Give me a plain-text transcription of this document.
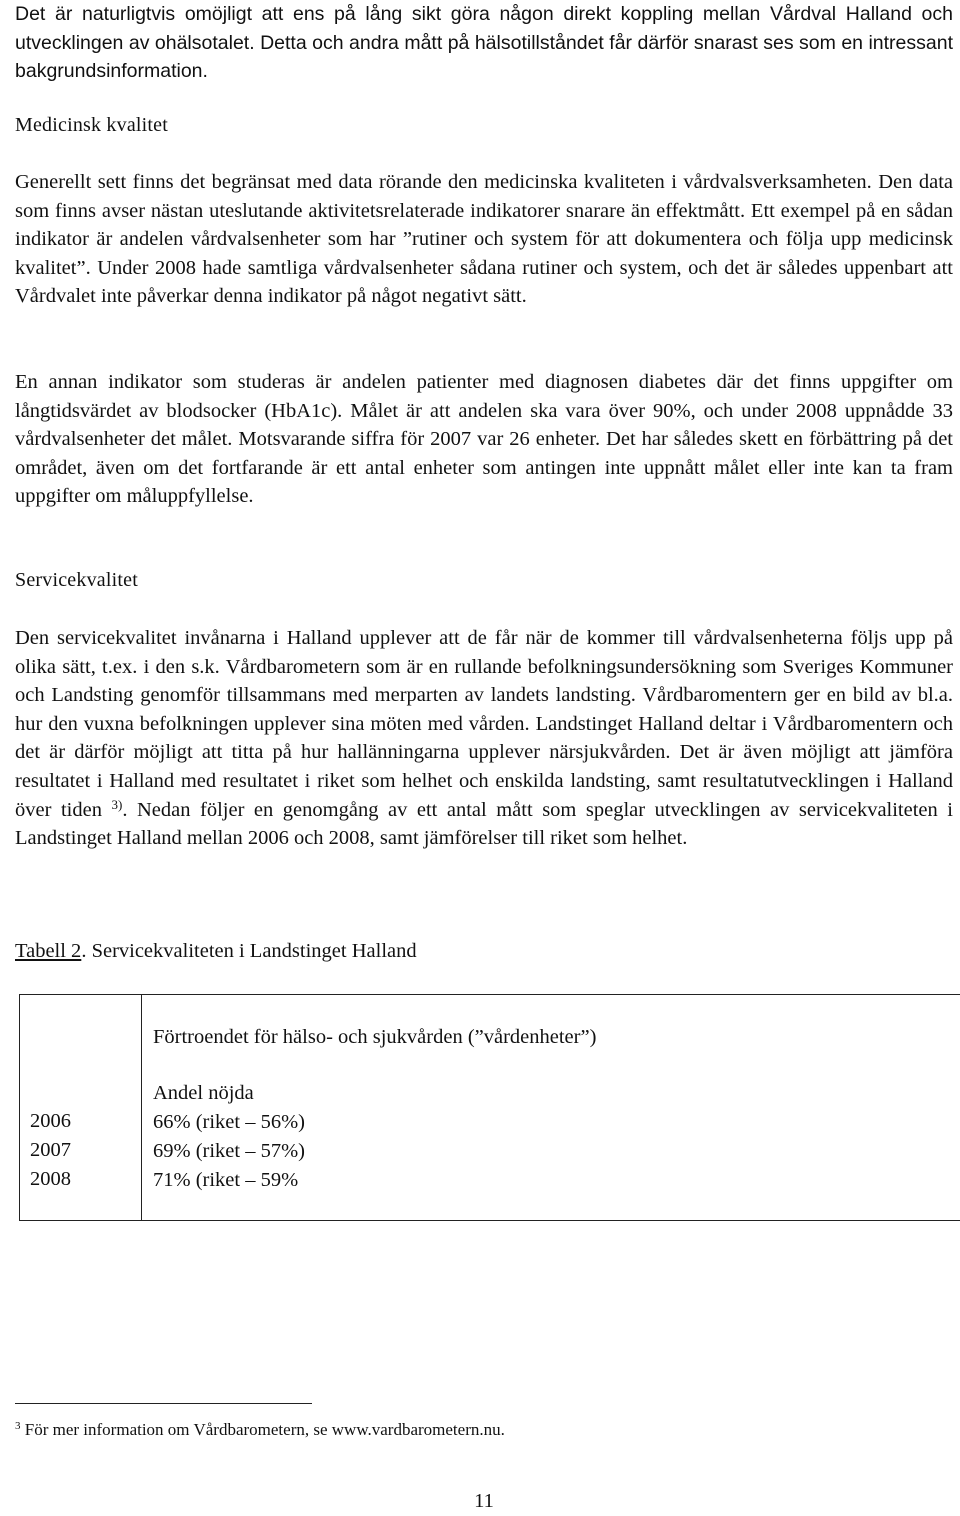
Det är naturligtvis omöjligt att ens på lång sikt göra någon direkt koppling mellan Vårdval Halland och utvecklingen av ohälsotalet. Detta och andra mått på hälsotillståndet får därför snarast ses som en intressant bakgrundsinformation.

Medicinsk kvalitet

Generellt sett finns det begränsat med data rörande den medicinska kvaliteten i vårdvalsverksamheten. Den data som finns avser nästan uteslutande aktivitetsrelaterade indikatorer snarare än effektmått. Ett exempel på en sådan indikator är andelen vårdvalsenheter som har ”rutiner och system för att dokumentera och följa upp medicinsk kvalitet”. Under 2008 hade samtliga vårdvalsenheter sådana rutiner och system, och det är således uppenbart att Vårdvalet inte påverkar denna indikator på något negativt sätt.

En annan indikator som studeras är andelen patienter med diagnosen diabetes där det finns uppgifter om långtidsvärdet av blodsocker (HbA1c). Målet är att andelen ska vara över 90%, och under 2008 uppnådde 33 vårdvalsenheter det målet. Motsvarande siffra för 2007 var 26 enheter. Det har således skett en förbättring på det området, även om det fortfarande är ett antal enheter som antingen inte uppnått målet eller inte kan ta fram uppgifter om måluppfyllelse.

Servicekvalitet

Den servicekvalitet invånarna i Halland upplever att de får när de kommer till vårdvalsenheterna följs upp på olika sätt, t.ex. i den s.k. Vårdbarometern som är en rullande befolkningsundersökning som Sveriges Kommuner och Landsting genomför tillsammans med merparten av landets landsting. Vårdbaromentern ger en bild av bl.a. hur den vuxna befolkningen upplever sina möten med vården. Landstinget Halland deltar i Vårdbaromentern och det är därför möjligt att titta på hur hallänningarna upplever närsjukvården. Det är även möjligt att jämföra resultatet i Halland med resultatet i riket som helhet och enskilda landsting, samt resultatutvecklingen i Halland över tiden $^{3)}$. Nedan följer en genomgång av ett antal mått som speglar utvecklingen av servicekvaliteten i Landstinget Halland mellan 2006 och 2008, samt jämförelser till riket som helhet.

Tabell 2. Servicekvaliteten i Landstinget Halland
Förtroendet för hälso- och sjukvården (”vårdenheter”)
2006
2007
2008
Andel nöjda
66% (riket – 56%)
69% (riket – 57%)
71% (riket – 59%
$^3$ För mer information om Vårdbarometern, se www.vardbarometern.nu.
11
